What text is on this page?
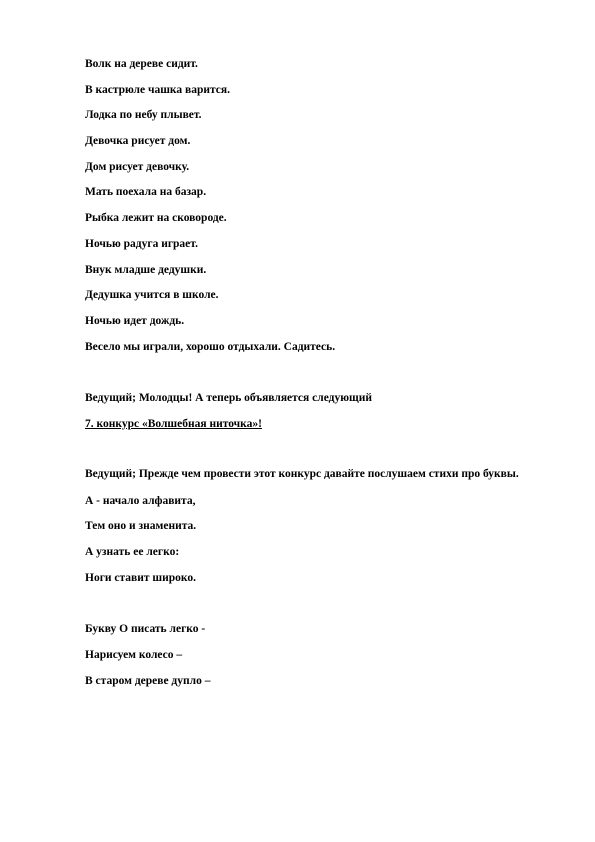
Волк на дереве сидит.
В кастрюле чашка варится.
Лодка по небу плывет.
Девочка рисует дом.
Дом рисует девочку.
Мать поехала на базар.
Рыбка лежит на сковороде.
Ночью радуга играет.
Внук младше дедушки.
Дедушка учится в школе.
Ночью идет дождь.
Весело мы играли, хорошо отдыхали. Садитесь.
Ведущий; Молодцы! А теперь объявляется следующий
7. конкурс «Волшебная ниточка»!
Ведущий; Прежде чем провести этот конкурс давайте послушаем стихи про буквы.
А - начало алфавита,
Тем оно и знаменита.
А узнать ее легко:
Ноги ставит широко.
Букву О писать легко -
Нарисуем колесо –
В старом дереве дупло –
